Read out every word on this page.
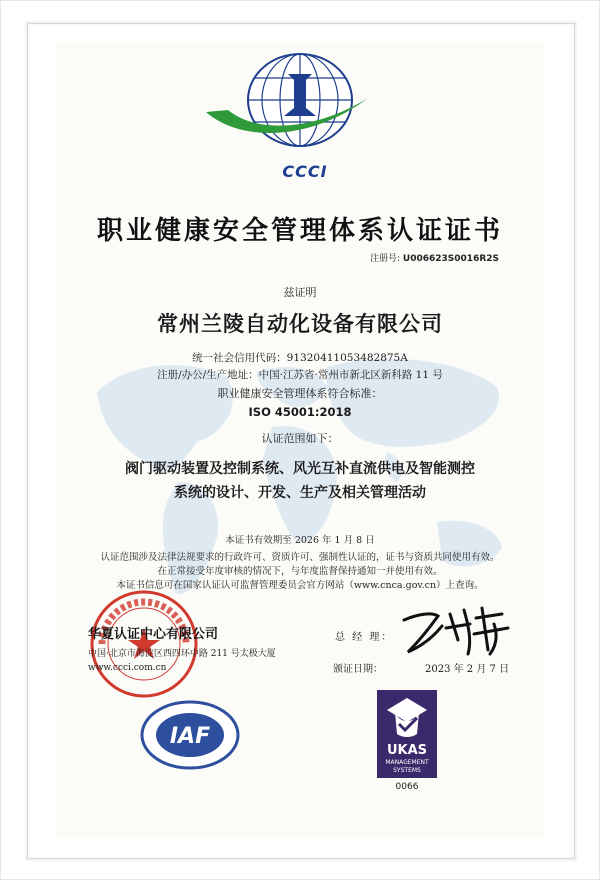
CCCI
职业健康安全管理体系认证证书
注册号: U006623S0016R2S
兹证明
常州兰陵自动化设备有限公司
统一社会信用代码：91320411053482875A
注册/办公/生产地址：中国·江苏省·常州市新北区新科路 11 号
职业健康安全管理体系符合标准：
ISO 45001:2018
认证范围如下：
阀门驱动装置及控制系统、风光互补直流供电及智能测控
系统的设计、开发、生产及相关管理活动
本证书有效期至 2026 年 1 月 8 日
认证范围涉及法律法规要求的行政许可、资质许可、强制性认证的，证书与资质共同使用有效。
在正常接受年度审核的情况下，与年度监督保持通知一并使用有效。
本证书信息可在国家认证认可监督管理委员会官方网站（www.cnca.gov.cn）上查询。
华夏认证中心有限公司
中国·北京市海淀区西四环中路 211 号太极大厦
www.ccci.com.cn
总 经 理：
颁证日期：	2023 年 2 月 7 日
IAF
UKAS
MANAGEMENT
SYSTEMS
0066
